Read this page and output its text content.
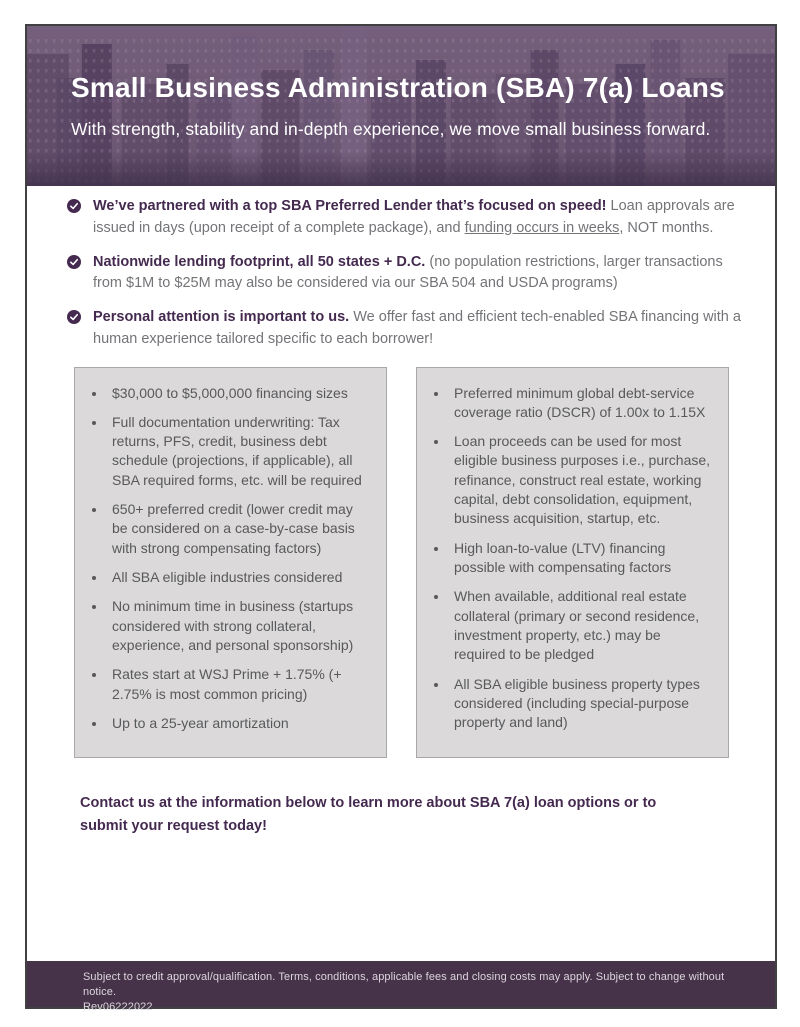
Small Business Administration (SBA) 7(a) Loans

With strength, stability and in-depth experience, we move small business forward.

We’ve partnered with a top SBA Preferred Lender that’s focused on speed! Loan approvals are issued in days (upon receipt of a complete package), and funding occurs in weeks, NOT months.

Nationwide lending footprint, all 50 states + D.C. (no population restrictions, larger transactions from $1M to $25M may also be considered via our SBA 504 and USDA programs)

Personal attention is important to us. We offer fast and efficient tech-enabled SBA financing with a human experience tailored specific to each borrower!

• $30,000 to $5,000,000 financing sizes
• Full documentation underwriting: Tax returns, PFS, credit, business debt schedule (projections, if applicable), all SBA required forms, etc. will be required
• 650+ preferred credit (lower credit may be considered on a case-by-case basis with strong compensating factors)
• All SBA eligible industries considered
• No minimum time in business (startups considered with strong collateral, experience, and personal sponsorship)
• Rates start at WSJ Prime + 1.75% (+ 2.75% is most common pricing)
• Up to a 25-year amortization
• Preferred minimum global debt-service coverage ratio (DSCR) of 1.00x to 1.15X
• Loan proceeds can be used for most eligible business purposes i.e., purchase, refinance, construct real estate, working capital, debt consolidation, equipment, business acquisition, startup, etc.
• High loan-to-value (LTV) financing possible with compensating factors
• When available, additional real estate collateral (primary or second residence, investment property, etc.) may be required to be pledged
• All SBA eligible business property types considered (including special-purpose property and land)

Contact us at the information below to learn more about SBA 7(a) loan options or to submit your request today!

Subject to credit approval/qualification. Terms, conditions, applicable fees and closing costs may apply. Subject to change without notice.

Rev06222022
